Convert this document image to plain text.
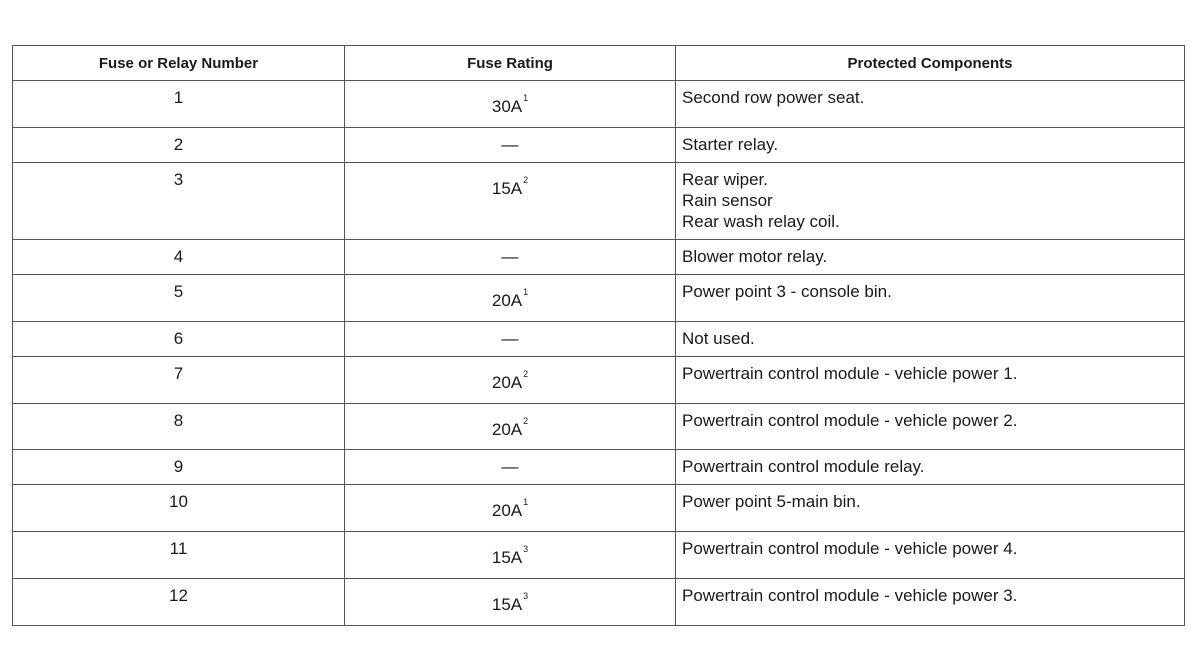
Fuse or Relay Number	Fuse Rating	Protected Components
1	$30A^1$	Second row power seat.

2	—	Starter relay.

3	$15A^2$	Rear wiper.
Rain sensor
Rear wash relay coil.

4	—	Blower motor relay.

5	$20A^1$	Power point 3 - console bin.

6	—	Not used.

7	$20A^2$	Powertrain control module - vehicle power 1.

8	$20A^2$	Powertrain control module - vehicle power 2.

9	—	Powertrain control module relay.

10	$20A^1$	Power point 5-main bin.

11	$15A^3$	Powertrain control module - vehicle power 4.

12	$15A^3$	Powertrain control module - vehicle power 3.
